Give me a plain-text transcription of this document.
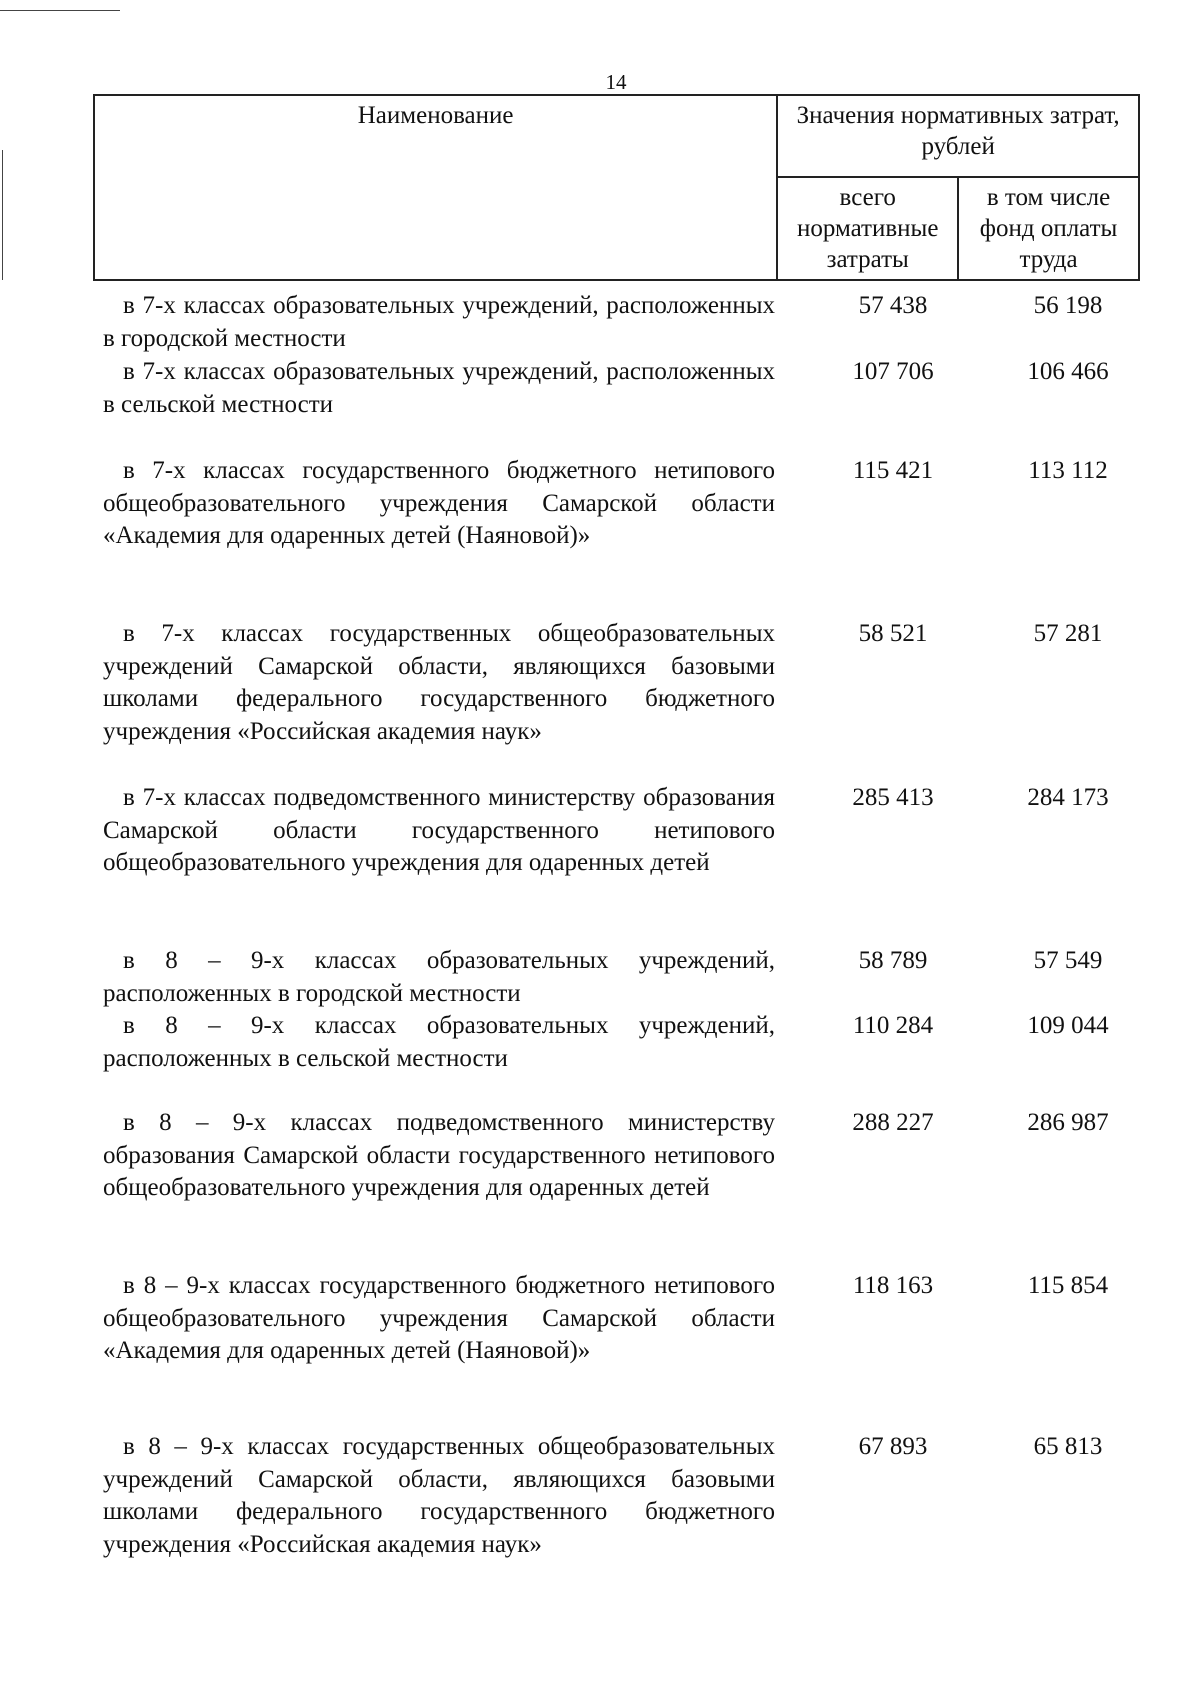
14
Наименование	Значения нормативных затрат, рублей	
	всего нормативные затраты	в том числе фонд оплаты труда
в 7-х классах образовательных учреждений, расположенных в городской местности
57 438	56 198
в 7-х классах образовательных учреждений, расположенных в сельской местности
107 706	106 466
в 7-х классах государственного бюджетного нетипового общеобразовательного учреждения Самарской области «Академия для одаренных детей (Наяновой)»
115 421	113 112
в 7-х классах государственных общеобразовательных учреждений Самарской области, являющихся базовыми школами федерального государственного бюджетного учреждения «Российская академия наук»
58 521	57 281
в 7-х классах подведомственного министерству образования Самарской области государственного нетипового общеобразовательного учреждения для одаренных детей
285 413	284 173
в 8 – 9-х классах образовательных учреждений, расположенных в городской местности
58 789	57 549
в 8 – 9-х классах образовательных учреждений, расположенных в сельской местности
110 284	109 044
в 8 – 9-х классах подведомственного министерству образования Самарской области государственного нетипового общеобразовательного учреждения для одаренных детей
288 227	286 987
в 8 – 9-х классах государственного бюджетного нетипового общеобразовательного учреждения Самарской области «Академия для одаренных детей (Наяновой)»
118 163	115 854
в 8 – 9-х классах государственных общеобразовательных учреждений Самарской области, являющихся базовыми школами федерального государственного бюджетного учреждения «Российская академия наук»
67 893	65 813
